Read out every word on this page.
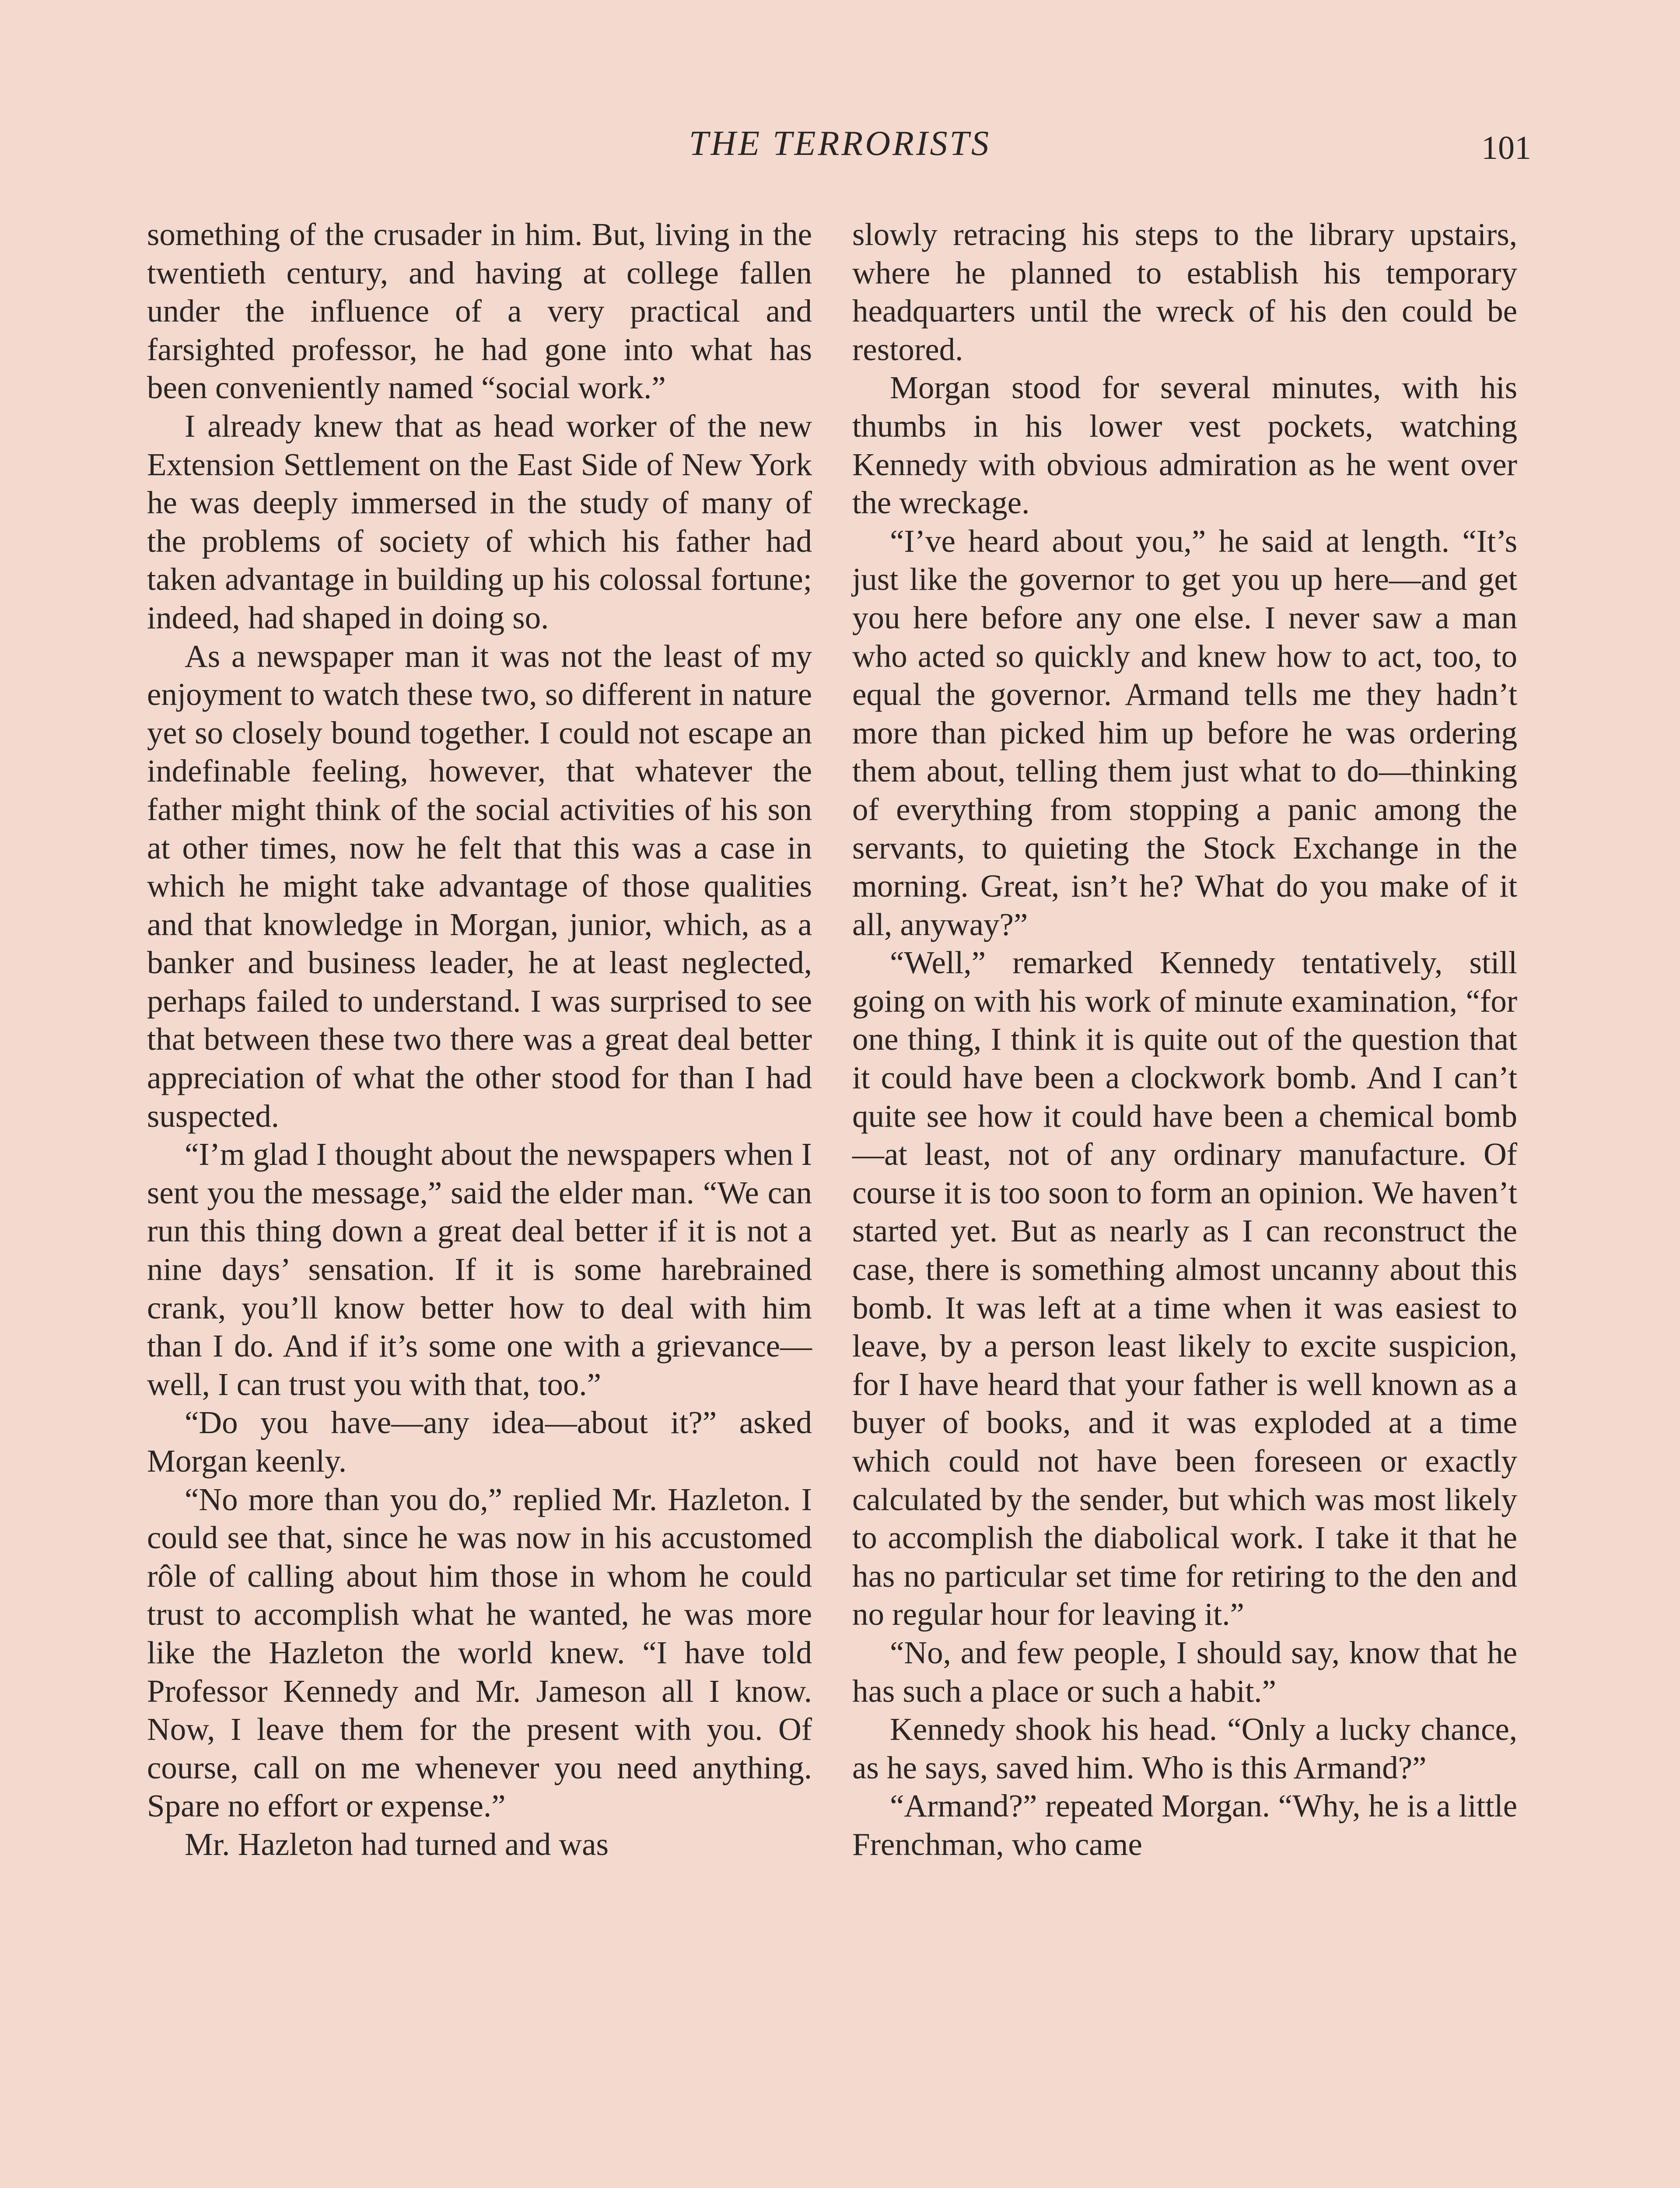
THE TERRORISTS	101

something of the crusader in him. But, living in the twentieth century, and having at college fallen under the influence of a very practical and farsighted professor, he had gone into what has been conveniently named “social work.”

I already knew that as head worker of the new Extension Settlement on the East Side of New York he was deeply immersed in the study of many of the problems of society of which his father had taken advantage in building up his colossal fortune; indeed, had shaped in doing so.

As a newspaper man it was not the least of my enjoyment to watch these two, so different in nature yet so closely bound together. I could not escape an indefinable feeling, however, that whatever the father might think of the social activities of his son at other times, now he felt that this was a case in which he might take advantage of those qualities and that knowledge in Morgan, junior, which, as a banker and business leader, he at least neglected, perhaps failed to understand. I was surprised to see that between these two there was a great deal better appreciation of what the other stood for than I had suspected.

“I’m glad I thought about the newspapers when I sent you the message,” said the elder man. “We can run this thing down a great deal better if it is not a nine days’ sensation. If it is some harebrained crank, you’ll know better how to deal with him than I do. And if it’s some one with a grievance—well, I can trust you with that, too.”

“Do you have—any idea—about it?” asked Morgan keenly.

“No more than you do,” replied Mr. Hazleton. I could see that, since he was now in his accustomed rôle of calling about him those in whom he could trust to accomplish what he wanted, he was more like the Hazleton the world knew. “I have told Professor Kennedy and Mr. Jameson all I know. Now, I leave them for the present with you. Of course, call on me whenever you need anything. Spare no effort or expense.”

Mr. Hazleton had turned and was

slowly retracing his steps to the library upstairs, where he planned to establish his temporary headquarters until the wreck of his den could be restored.

Morgan stood for several minutes, with his thumbs in his lower vest pockets, watching Kennedy with obvious admiration as he went over the wreckage.

“I’ve heard about you,” he said at length. “It’s just like the governor to get you up here—and get you here before any one else. I never saw a man who acted so quickly and knew how to act, too, to equal the governor. Armand tells me they hadn’t more than picked him up before he was ordering them about, telling them just what to do—thinking of everything from stopping a panic among the servants, to quieting the Stock Exchange in the morning. Great, isn’t he? What do you make of it all, anyway?”

“Well,” remarked Kennedy tentatively, still going on with his work of minute examination, “for one thing, I think it is quite out of the question that it could have been a clockwork bomb. And I can’t quite see how it could have been a chemical bomb—at least, not of any ordinary manufacture. Of course it is too soon to form an opinion. We haven’t started yet. But as nearly as I can reconstruct the case, there is something almost uncanny about this bomb. It was left at a time when it was easiest to leave, by a person least likely to excite suspicion, for I have heard that your father is well known as a buyer of books, and it was exploded at a time which could not have been foreseen or exactly calculated by the sender, but which was most likely to accomplish the diabolical work. I take it that he has no particular set time for retiring to the den and no regular hour for leaving it.”

“No, and few people, I should say, know that he has such a place or such a habit.”

Kennedy shook his head. “Only a lucky chance, as he says, saved him. Who is this Armand?”

“Armand?” repeated Morgan. “Why, he is a little Frenchman, who came
